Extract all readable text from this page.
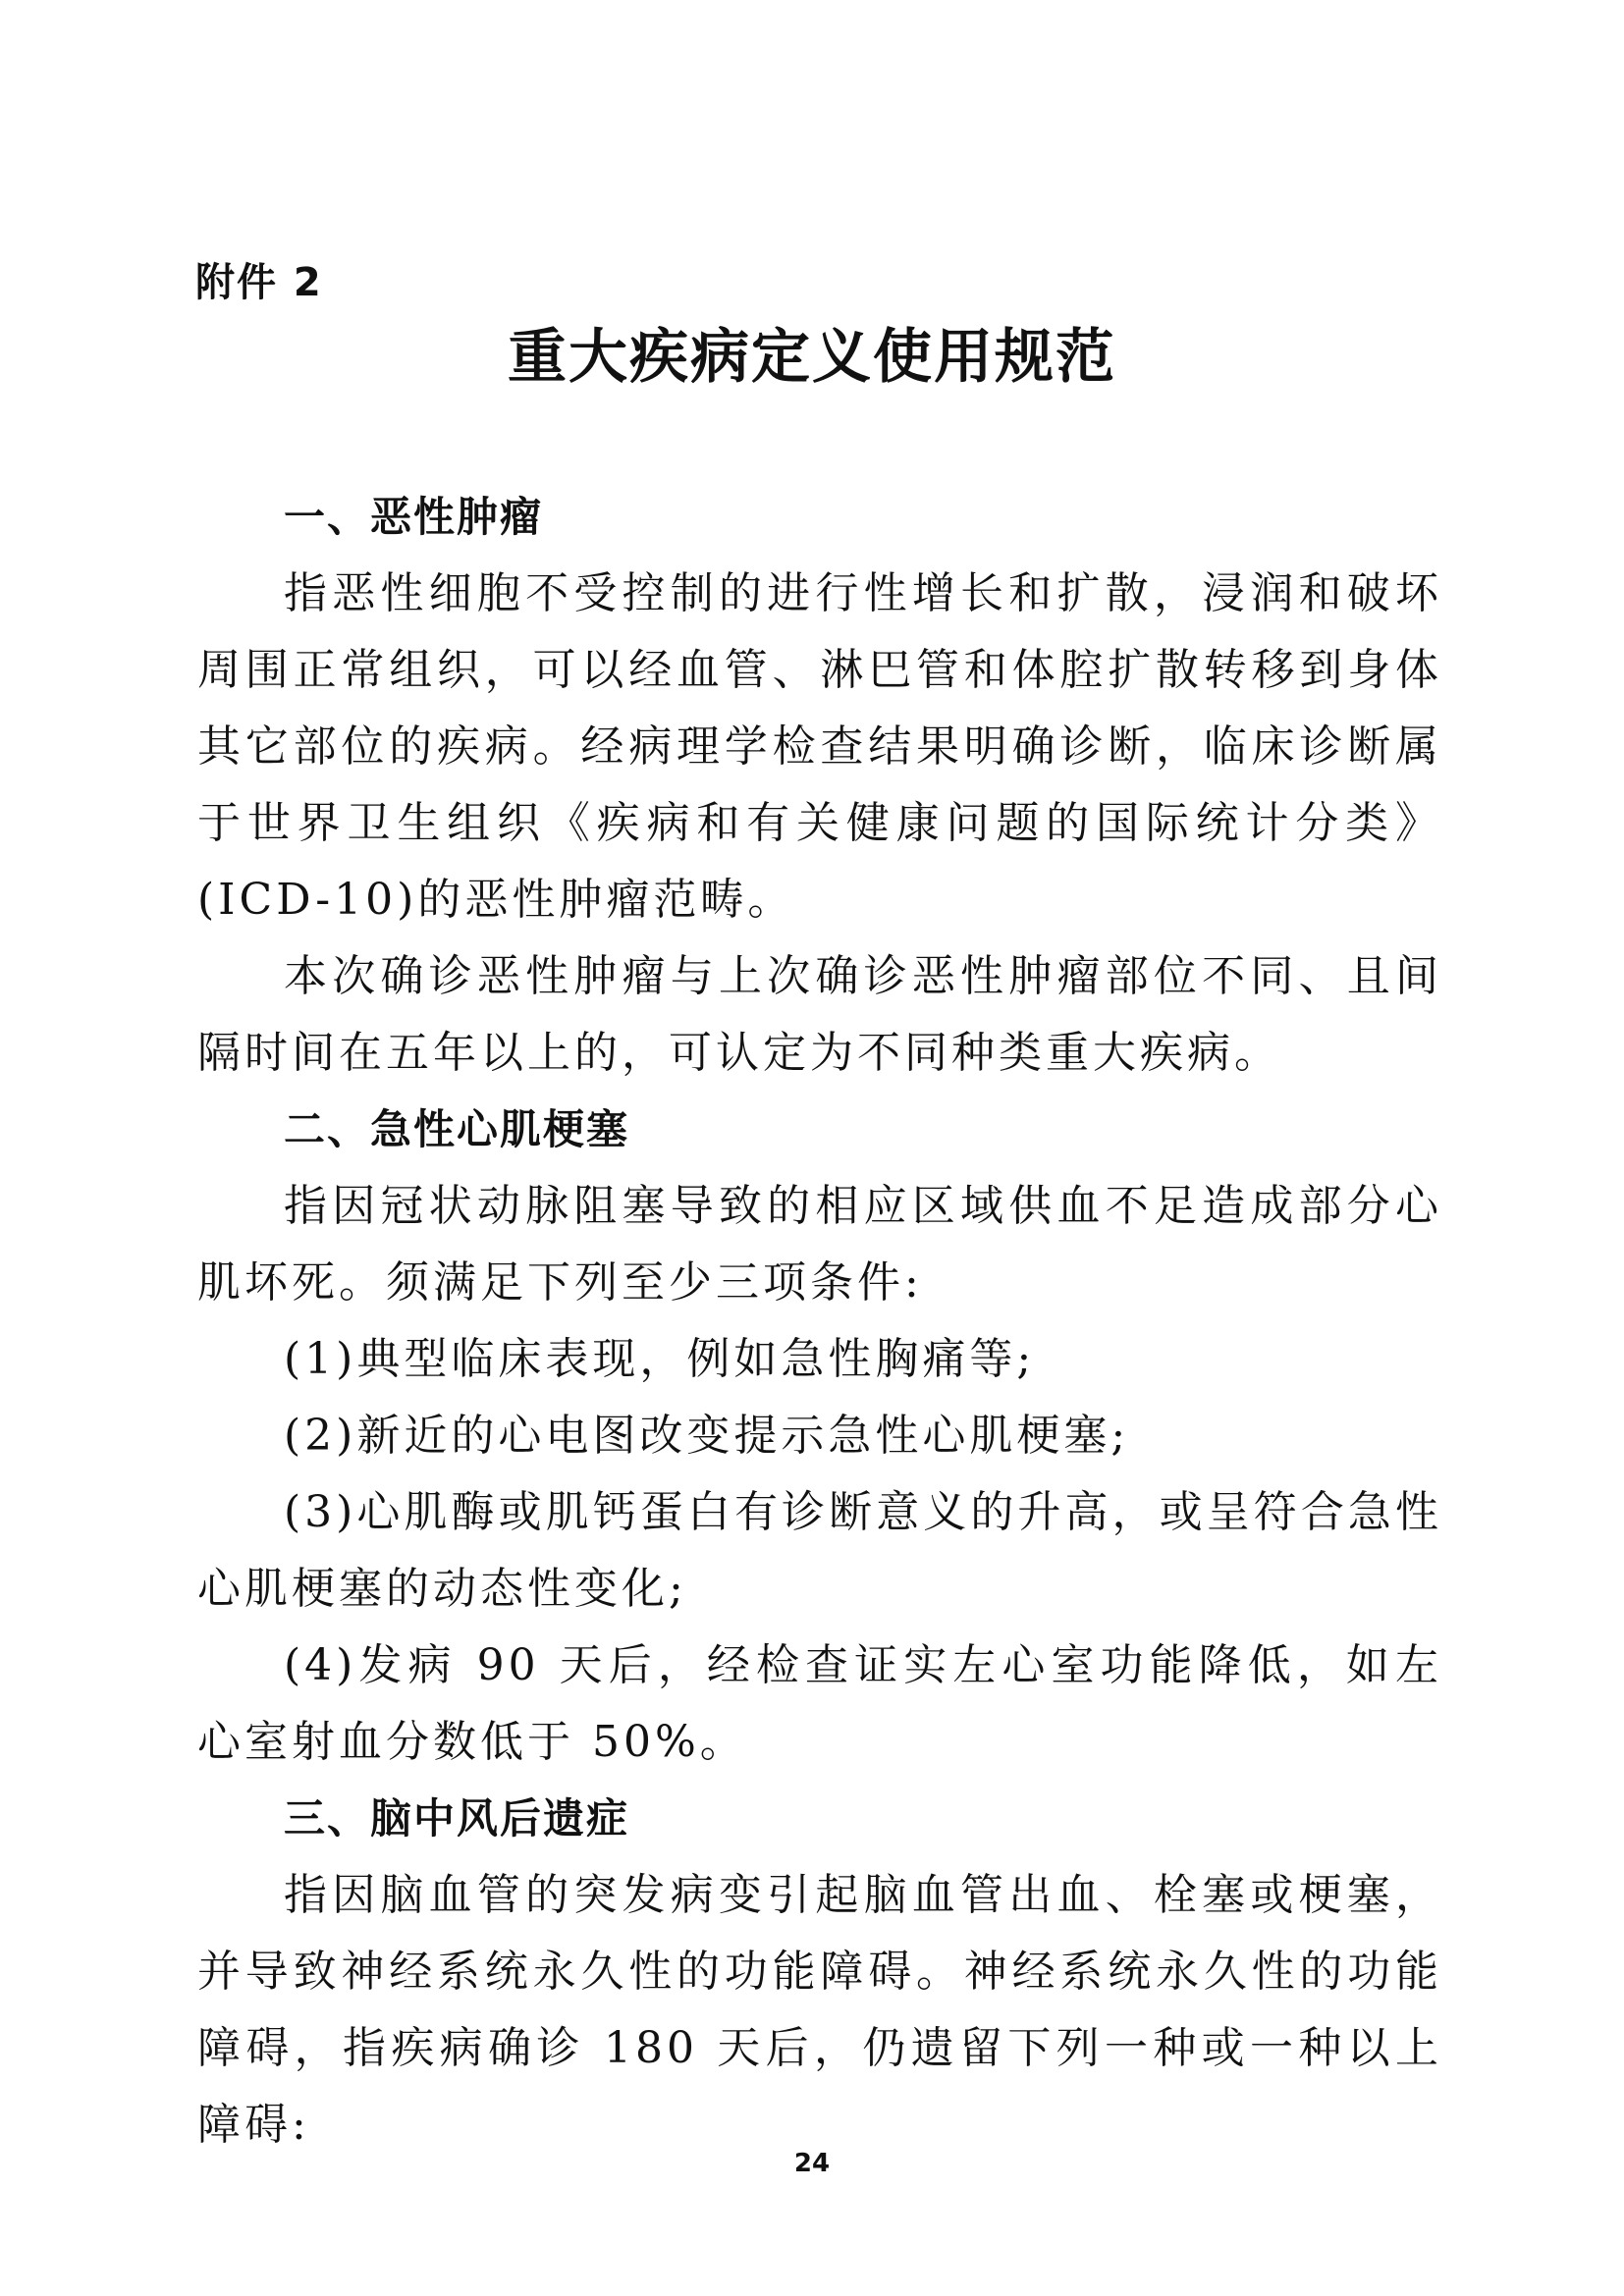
附件 2
重大疾病定义使用规范
一、恶性肿瘤

指恶性细胞不受控制的进行性增长和扩散，浸润和破坏周围正常组织，可以经血管、淋巴管和体腔扩散转移到身体其它部位的疾病。经病理学检查结果明确诊断，临床诊断属于世界卫生组织《疾病和有关健康问题的国际统计分类》(ICD-10)的恶性肿瘤范畴。

本次确诊恶性肿瘤与上次确诊恶性肿瘤部位不同、且间隔时间在五年以上的，可认定为不同种类重大疾病。

二、急性心肌梗塞

指因冠状动脉阻塞导致的相应区域供血不足造成部分心肌坏死。须满足下列至少三项条件:

(1)典型临床表现，例如急性胸痛等;

(2)新近的心电图改变提示急性心肌梗塞;

(3)心肌酶或肌钙蛋白有诊断意义的升高，或呈符合急性心肌梗塞的动态性变化;

(4)发病 90 天后，经检查证实左心室功能降低，如左心室射血分数低于 50%。

三、脑中风后遗症

指因脑血管的突发病变引起脑血管出血、栓塞或梗塞，并导致神经系统永久性的功能障碍。神经系统永久性的功能障碍，指疾病确诊 180 天后，仍遗留下列一种或一种以上障碍:

24
